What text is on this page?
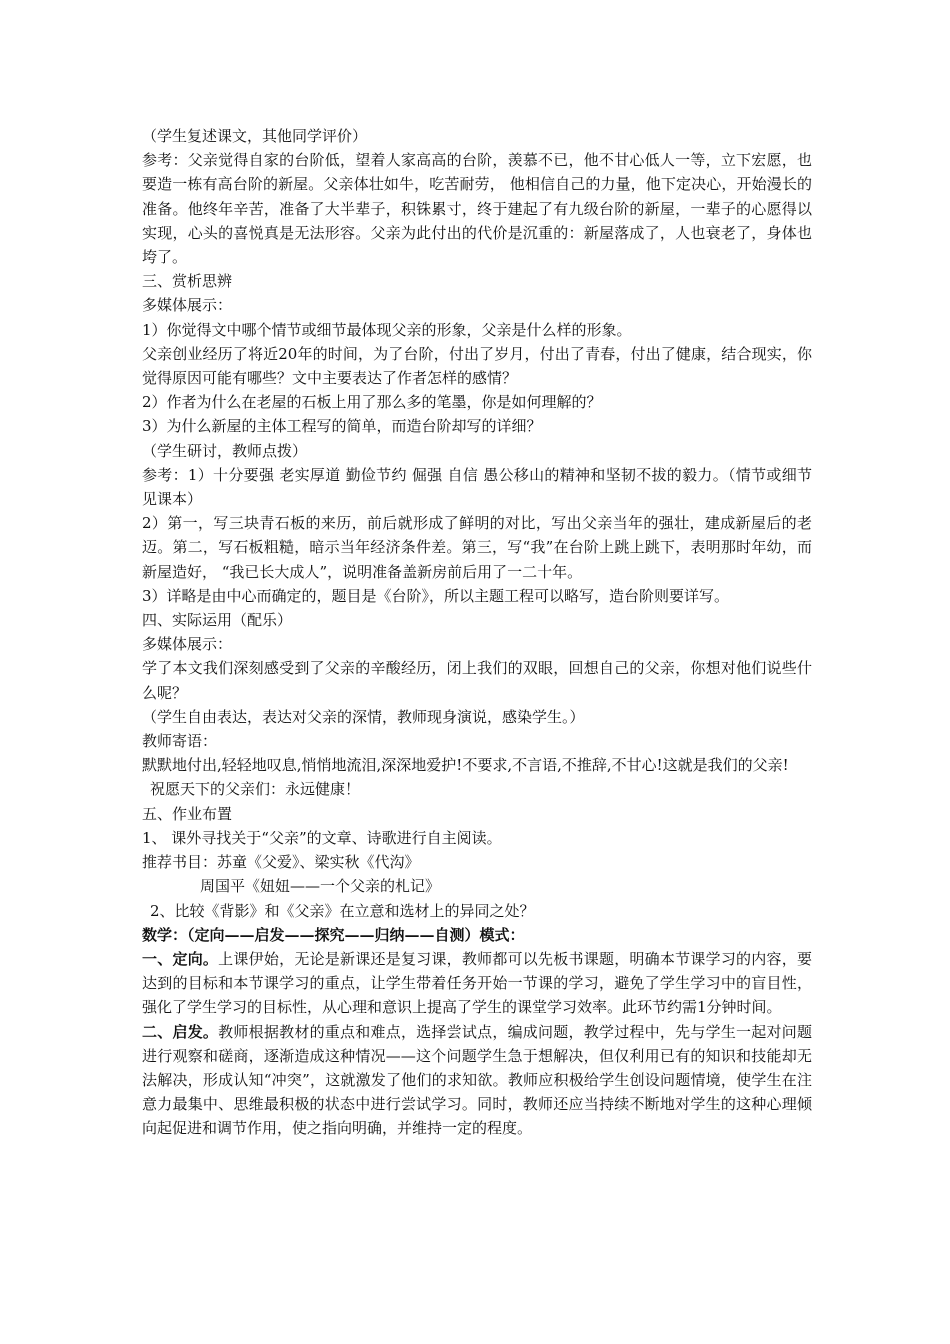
（学生复述课文，其他同学评价）

参考：父亲觉得自家的台阶低，望着人家高高的台阶，羡慕不已，他不甘心低人一等，立下宏愿，也要造一栋有高台阶的新屋。父亲体壮如牛，吃苦耐劳， 他相信自己的力量，他下定决心，开始漫长的准备。他终年辛苦，准备了大半辈子，积铢累寸，终于建起了有九级台阶的新屋，一辈子的心愿得以实现，心头的喜悦真是无法形容。父亲为此付出的代价是沉重的：新屋落成了，人也衰老了，身体也垮了。

三、赏析思辨

多媒体展示：

1）你觉得文中哪个情节或细节最体现父亲的形象，父亲是什么样的形象。

父亲创业经历了将近20年的时间，为了台阶，付出了岁月，付出了青春，付出了健康，结合现实，你觉得原因可能有哪些？文中主要表达了作者怎样的感情？

2）作者为什么在老屋的石板上用了那么多的笔墨，你是如何理解的？

3）为什么新屋的主体工程写的简单，而造台阶却写的详细？

（学生研讨，教师点拨）

参考：1）十分要强 老实厚道 勤俭节约 倔强 自信 愚公移山的精神和坚韧不拔的毅力。（情节或细节见课本）

2）第一，写三块青石板的来历，前后就形成了鲜明的对比，写出父亲当年的强壮，建成新屋后的老迈。第二，写石板粗糙，暗示当年经济条件差。第三，写“我”在台阶上跳上跳下，表明那时年幼，而新屋造好， “我已长大成人”，说明准备盖新房前后用了一二十年。

3）详略是由中心而确定的，题目是《台阶》，所以主题工程可以略写，造台阶则要详写。

四、实际运用（配乐）

多媒体展示：

学了本文我们深刻感受到了父亲的辛酸经历，闭上我们的双眼，回想自己的父亲，你想对他们说些什么呢？

（学生自由表达，表达对父亲的深情，教师现身演说，感染学生。）

教师寄语：

默默地付出,轻轻地叹息,悄悄地流泪,深深地爱护!不要求,不言语,不推辞,不甘心!这就是我们的父亲!

祝愿天下的父亲们：永远健康！

五、作业布置

1、 课外寻找关于“父亲”的文章、诗歌进行自主阅读。

推荐书目：苏童《父爱》、梁实秋《代沟》

周国平《妞妞——一个父亲的札记》

2、比较《背影》和《父亲》在立意和选材上的异同之处？

数学：（定向——启发——探究——归纳——自测）模式：

一、定向。上课伊始，无论是新课还是复习课，教师都可以先板书课题，明确本节课学习的内容，要达到的目标和本节课学习的重点，让学生带着任务开始一节课的学习，避免了学生学习中的盲目性，强化了学生学习的目标性，从心理和意识上提高了学生的课堂学习效率。此环节约需1分钟时间。

二、启发。教师根据教材的重点和难点，选择尝试点，编成问题，教学过程中，先与学生一起对问题进行观察和磋商，逐渐造成这种情况——这个问题学生急于想解决，但仅利用已有的知识和技能却无法解决，形成认知“冲突”，这就激发了他们的求知欲。教师应积极给学生创设问题情境，使学生在注意力最集中、思维最积极的状态中进行尝试学习。同时，教师还应当持续不断地对学生的这种心理倾向起促进和调节作用，使之指向明确，并维持一定的程度。
